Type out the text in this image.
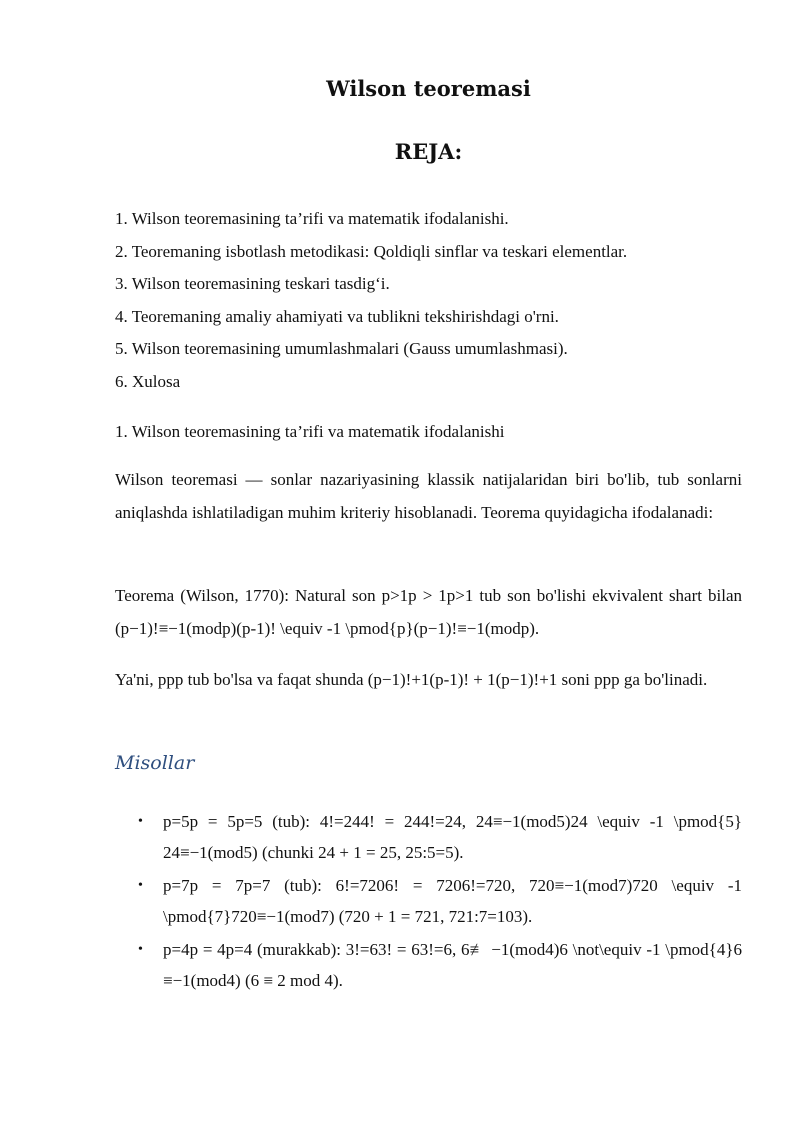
Wilson teoremasi
REJA:
1. Wilson teoremasining ta’rifi va matematik ifodalanishi.
2. Teoremaning isbotlash metodikasi: Qoldiqli sinflar va teskari elementlar.
3. Wilson teoremasining teskari tasdig‘i.
4. Teoremaning amaliy ahamiyati va tublikni tekshirishdagi o'rni.
5. Wilson teoremasining umumlashmalari (Gauss umumlashmasi).
6. Xulosa

1. Wilson teoremasining ta’rifi va matematik ifodalanishi

Wilson teoremasi — sonlar nazariyasining klassik natijalaridan biri bo'lib, tub sonlarni aniqlashda ishlatiladigan muhim kriteriy hisoblanadi. Teorema quyidagicha ifodalanadi:

Teorema (Wilson, 1770): Natural son p>1p > 1p>1 tub son bo'lishi ekvivalent shart bilan (p−1)!≡−1(modp)(p-1)! \equiv -1 \pmod{p}(p−1)!≡−1(modp).

Ya'ni, ppp tub bo'lsa va faqat shunda (p−1)!+1(p-1)! + 1(p−1)!+1 soni ppp ga bo'linadi.

Misollar
• p=5p = 5p=5 (tub): 4!=244! = 244!=24, 24≡−1(mod5)24 \equiv -1 \pmod{5} 24≡−1(mod5) (chunki 24 + 1 = 25, 25:5=5).
• p=7p = 7p=7 (tub): 6!=7206! = 7206!=720, 720≡−1(mod7)720 \equiv -1 \pmod{7}720≡−1(mod7) (720 + 1 = 721, 721:7=103).
• p=4p = 4p=4 (murakkab): 3!=63! = 63!=6, 6≢ −1(mod4)6 \not\equiv -1 \pmod{4}6 ≡−1(mod4) (6 ≡ 2 mod 4).
